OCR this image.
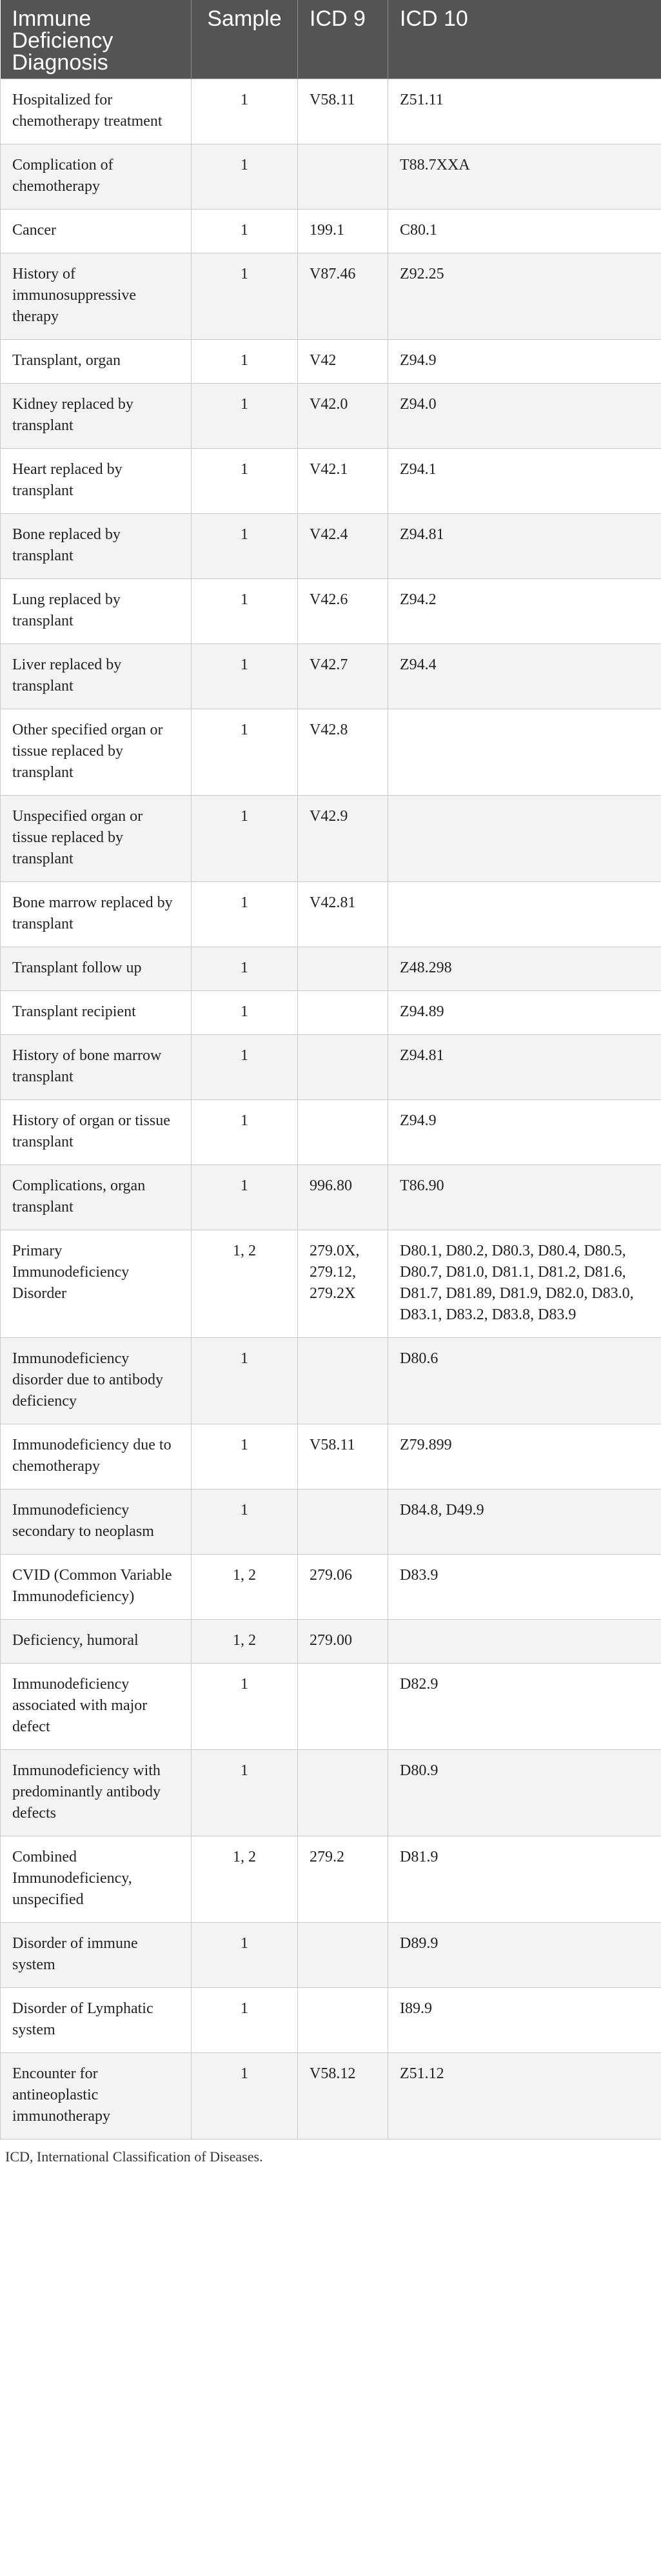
Immune Deficiency Diagnosis	Sample	ICD 9	ICD 10
Hospitalized for chemotherapy treatment	1	V58.11	Z51.11
Complication of chemotherapy	1		T88.7XXA
Cancer	1	199.1	C80.1
History of immunosuppressive therapy	1	V87.46	Z92.25
Transplant, organ	1	V42	Z94.9
Kidney replaced by transplant	1	V42.0	Z94.0
Heart replaced by transplant	1	V42.1	Z94.1
Bone replaced by transplant	1	V42.4	Z94.81
Lung replaced by transplant	1	V42.6	Z94.2
Liver replaced by transplant	1	V42.7	Z94.4
Other specified organ or tissue replaced by transplant	1	V42.8	
Unspecified organ or tissue replaced by transplant	1	V42.9	
Bone marrow replaced by transplant	1	V42.81	
Transplant follow up	1		Z48.298
Transplant recipient	1		Z94.89
History of bone marrow transplant	1		Z94.81
History of organ or tissue transplant	1		Z94.9
Complications, organ transplant	1	996.80	T86.90
Primary Immunodeficiency Disorder	1, 2	279.0X, 279.12, 279.2X	D80.1, D80.2, D80.3, D80.4, D80.5, D80.7, D81.0, D81.1, D81.2, D81.6, D81.7, D81.89, D81.9, D82.0, D83.0, D83.1, D83.2, D83.8, D83.9
Immunodeficiency disorder due to antibody deficiency	1		D80.6
Immunodeficiency due to chemotherapy	1	V58.11	Z79.899
Immunodeficiency secondary to neoplasm	1		D84.8, D49.9
CVID (Common Variable Immunodeficiency)	1, 2	279.06	D83.9
Deficiency, humoral	1, 2	279.00	
Immunodeficiency associated with major defect	1		D82.9
Immunodeficiency with predominantly antibody defects	1		D80.9
Combined Immunodeficiency, unspecified	1, 2	279.2	D81.9
Disorder of immune system	1		D89.9
Disorder of Lymphatic system	1		I89.9
Encounter for antineoplastic immunotherapy	1	V58.12	Z51.12
ICD, International Classification of Diseases.
